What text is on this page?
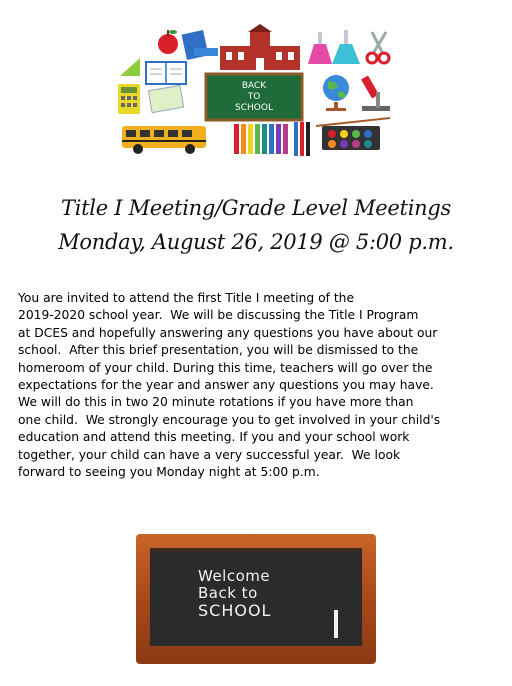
BACK
TO
SCHOOL
Title I Meeting/Grade Level Meetings
Monday, August 26, 2019 @ 5:00 p.m.
You are invited to attend the first Title I meeting of the
2019-2020 school year.  We will be discussing the Title I Program
at DCES and hopefully answering any questions you have about our
school.  After this brief presentation, you will be dismissed to the
homeroom of your child. During this time, teachers will go over the
expectations for the year and answer any questions you may have.
We will do this in two 20 minute rotations if you have more than
one child.  We strongly encourage you to get involved in your child's
education and attend this meeting. If you and your school work
together, your child can have a very successful year.  We look
forward to seeing you Monday night at 5:00 p.m.
Welcome
Back to
SCHOOL
